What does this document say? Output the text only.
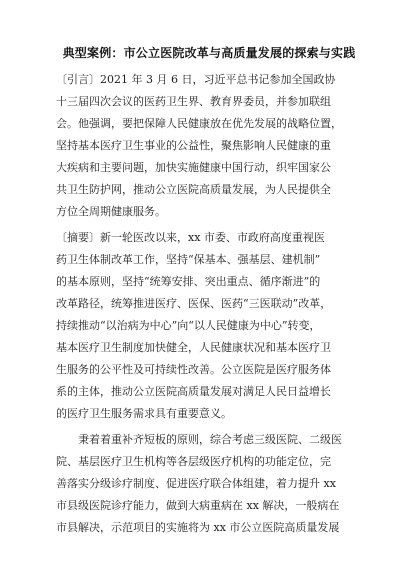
典型案例：市公立医院改革与高质量发展的探索与实践
〔引言〕2021 年 3 月 6 日，习近平总书记参加全国政协
十三届四次会议的医药卫生界、教育界委员，并参加联组
会。他强调，要把保障人民健康放在优先发展的战略位置，
坚持基本医疗卫生事业的公益性，聚焦影响人民健康的重
大疾病和主要问题，加快实施健康中国行动，织牢国家公
共卫生防护网，推动公立医院高质量发展，为人民提供全
方位全周期健康服务。
〔摘要〕新一轮医改以来，xx 市委、市政府高度重视医
药卫生体制改革工作，坚持“保基本、强基层、建机制”
的基本原则，坚持“统筹安排、突出重点、循序渐进”的
改革路径，统筹推进医疗、医保、医药“三医联动”改革，
持续推动“以治病为中心”向“以人民健康为中心”转变，
基本医疗卫生制度加快健全，人民健康状况和基本医疗卫
生服务的公平性及可持续性改善。公立医院是医疗服务体
系的主体，推动公立医院高质量发展对满足人民日益增长
的医疗卫生服务需求具有重要意义。
秉着着重补齐短板的原则，综合考虑三级医院、二级医
院、基层医疗卫生机构等各层级医疗机构的功能定位，完
善落实分级诊疗制度、促进医疗联合体组建，着力提升 xx
市县级医院诊疗能力，做到大病重病在 xx 解决，一般病在
市县解决，示范项目的实施将为 xx 市公立医院高质量发展
